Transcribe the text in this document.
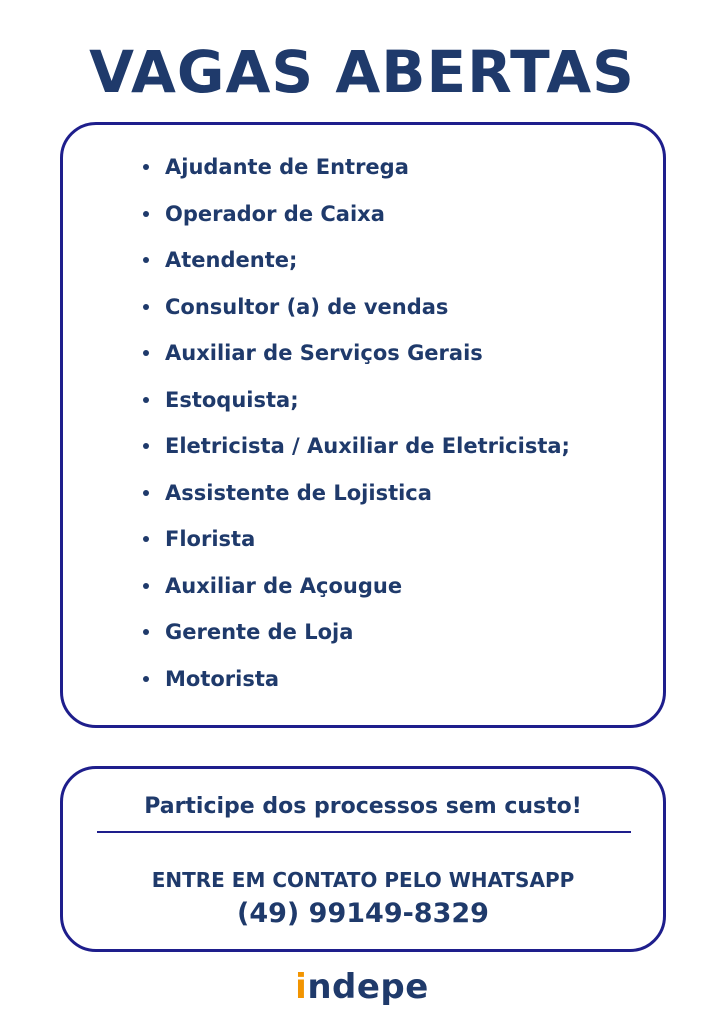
VAGAS ABERTAS
Ajudante de Entrega
Operador de Caixa
Atendente;
Consultor (a) de vendas
Auxiliar de Serviços Gerais
Estoquista;
Eletricista / Auxiliar de Eletricista;
Assistente de Lojistica
Florista
Auxiliar de Açougue
Gerente de Loja
Motorista
Participe dos processos sem custo!
ENTRE EM CONTATO PELO WHATSAPP
(49) 99149-8329
indepe
